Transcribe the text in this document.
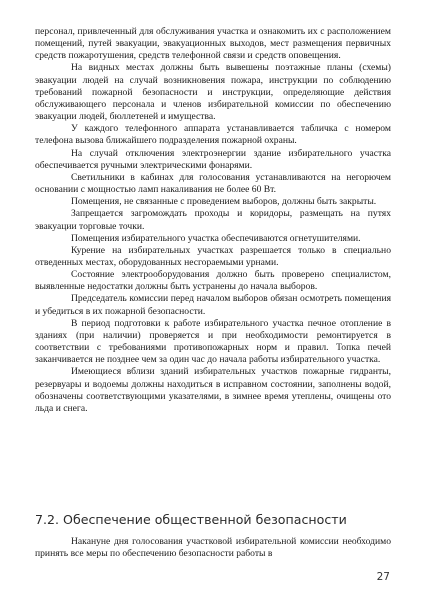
персонал, привлеченный для обслуживания участка и ознакомить их с расположением помещений, путей эвакуации, эвакуационных выходов, мест размещения первичных средств пожаротушения, средств телефонной связи и средств оповещения.

На видных местах должны быть вывешены поэтажные планы (схемы) эвакуации людей на случай возникновения пожара, инструкции по соблюдению требований пожарной безопасности и инструкции, определяющие действия обслуживающего персонала и членов избирательной комиссии по обеспечению эвакуации людей, бюллетеней и имущества.

У каждого телефонного аппарата устанавливается табличка с номером телефона вызова ближайшего подразделения пожарной охраны.

На случай отключения электроэнергии здание избирательного участка обеспечивается ручными электрическими фонарями.

Светильники в кабинах для голосования устанавливаются на негорючем основании с мощностью ламп накаливания не более 60 Вт.

Помещения, не связанные с проведением выборов, должны быть закрыты.

Запрещается загромождать проходы и коридоры, размещать на путях эвакуации торговые точки.

Помещения избирательного участка обеспечиваются огнетушителями.

Курение на избирательных участках разрешается только в специально отведенных местах, оборудованных несгораемыми урнами.

Состояние электрооборудования должно быть проверено специалистом, выявленные недостатки должны быть устранены до начала выборов.

Председатель комиссии перед началом выборов обязан осмотреть помещения и убедиться в их пожарной безопасности.

В период подготовки к работе избирательного участка печное отопление в зданиях (при наличии) проверяется и при необходимости ремонтируется в соответствии с требованиями противопожарных норм и правил. Топка печей заканчивается не позднее чем за один час до начала работы избирательного участка.

Имеющиеся вблизи зданий избирательных участков пожарные гидранты, резервуары и водоемы должны находиться в исправном состоянии, заполнены водой, обозначены соответствующими указателями, в зимнее время утеплены, очищены ото льда и снега.

7.2. Обеспечение общественной безопасности

Накануне дня голосования участковой избирательной комиссии необходимо принять все меры по обеспечению безопасности работы в

27
